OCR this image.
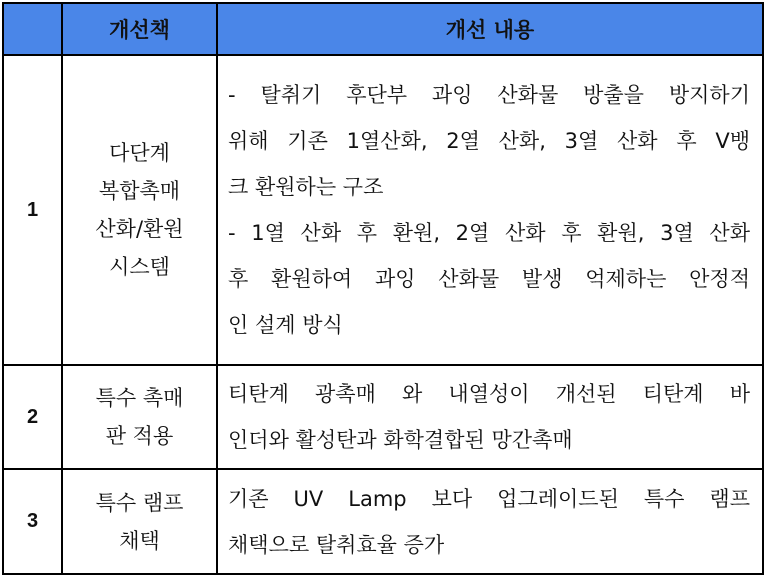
개선책	개선 내용
1
다단계
복합촉매
산화/환원
시스템
- 탈취기 후단부 과잉 산화물 방출을 방지하기
위해 기존 1열산화, 2열 산화, 3열 산화 후 V뱅
크 환원하는 구조
- 1열 산화 후 환원, 2열 산화 후 환원, 3열 산화
후 환원하여 과잉 산화물 발생 억제하는 안정적
인 설계 방식
2
특수 촉매
판 적용
티탄계 광촉매 와 내열성이 개선된 티탄계 바
인더와 활성탄과 화학결합된 망간촉매
3
특수 램프
채택
기존 UV Lamp 보다 업그레이드된 특수 램프
채택으로 탈취효율 증가
